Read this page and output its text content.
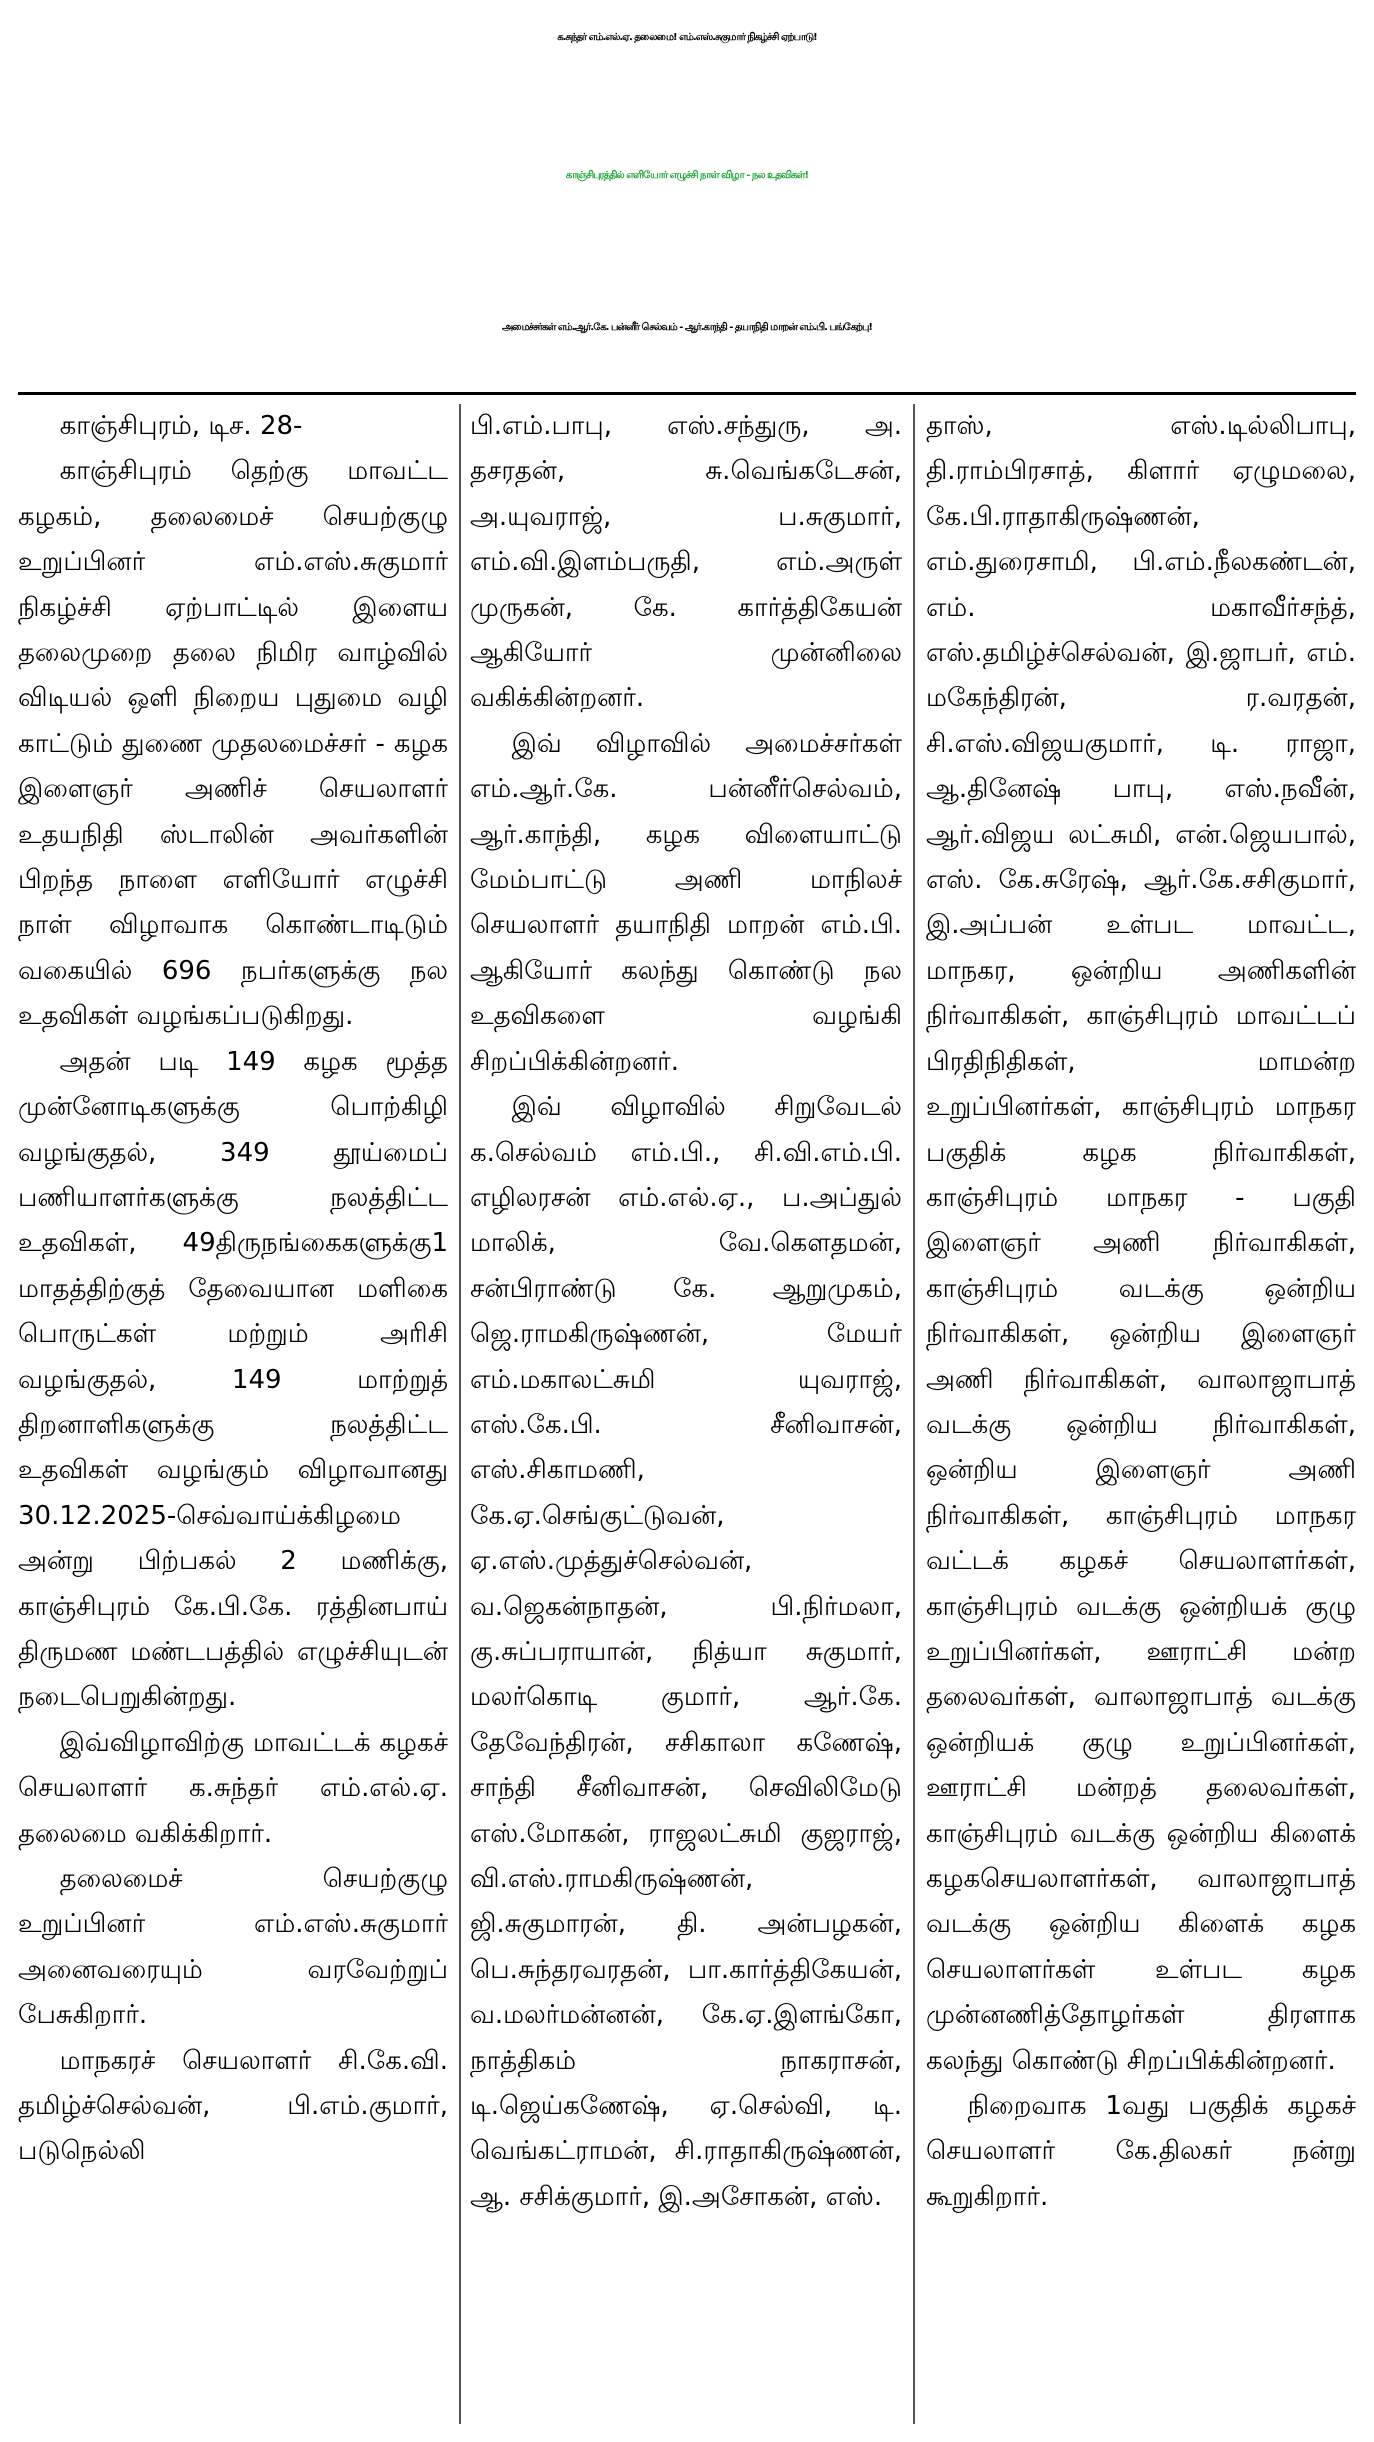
க.சுந்தர் எம்.எல்.ஏ. தலைமை! எம்.எஸ்.சுகுமார் நிகழ்ச்சி ஏற்பாடு!
காஞ்சிபுரத்தில் எளியோர் எழுச்சி நாள் விழா - நல உதவிகள்!
அமைச்சர்கள் எம்.ஆர்.கே. பன்னீர் செல்வம் - ஆர்.காந்தி - தயாநிதி மாறன் எம்.பி. பங்கேற்பு!

காஞ்சிபுரம், டிச. 28-

காஞ்சிபுரம் தெற்கு மாவட்ட கழகம், தலைமைச் செயற்குழு உறுப்பினர் எம்.எஸ்.சுகுமார் நிகழ்ச்சி ஏற்பாட்டில் இளைய தலைமுறை தலை நிமிர வாழ்வில் விடியல் ஒளி நிறைய புதுமை வழி காட்டும் துணை முதலமைச்சர் - கழக இளைஞர் அணிச் செயலாளர் உதயநிதி ஸ்டாலின் அவர்களின் பிறந்த நாளை எளியோர் எழுச்சி நாள் விழாவாக கொண்டாடிடும் வகையில் 696 நபர்களுக்கு நல உதவிகள் வழங்கப்படுகிறது.

அதன் படி 149 கழக மூத்த முன்னோடிகளுக்கு பொற்கிழி வழங்குதல், 349 தூய்மைப் பணியாளர்களுக்கு நலத்திட்ட உதவிகள், 49திருநங்கைகளுக்கு1 மாதத்திற்குத் தேவையான மளிகை பொருட்கள் மற்றும் அரிசி வழங்குதல், 149 மாற்றுத் திறனாளிகளுக்கு நலத்திட்ட உதவிகள் வழங்கும் விழாவானது 30.12.2025-செவ்வாய்க்கிழமை அன்று பிற்பகல் 2 மணிக்கு, காஞ்சிபுரம் கே.பி.கே. ரத்தினபாய் திருமண மண்டபத்தில் எழுச்சியுடன் நடைபெறுகின்றது.

இவ்விழாவிற்கு மாவட்டக் கழகச் செயலாளர் க.சுந்தர் எம்.எல்.ஏ. தலைமை வகிக்கிறார்.

தலைமைச் செயற்குழு உறுப்பினர் எம்.எஸ்.சுகுமார் அனைவரையும் வரவேற்றுப் பேசுகிறார்.

மாநகரச் செயலாளர் சி.கே.வி. தமிழ்ச்செல்வன், பி.எம்.குமார், படுநெல்லி

பி.எம்.பாபு, எஸ்.சந்துரு, அ. தசரதன், சு.வெங்கடேசன், அ.யுவராஜ், ப.சுகுமார், எம்.வி.இளம்பருதி, எம்.அருள் முருகன், கே. கார்த்திகேயன் ஆகியோர் முன்னிலை வகிக்கின்றனர்.

இவ் விழாவில் அமைச்சர்கள் எம்.ஆர்.கே. பன்னீர்செல்வம், ஆர்.காந்தி, கழக விளையாட்டு மேம்பாட்டு அணி மாநிலச் செயலாளர் தயாநிதி மாறன் எம்.பி. ஆகியோர் கலந்து கொண்டு நல உதவிகளை வழங்கி சிறப்பிக்கின்றனர்.

இவ் விழாவில் சிறுவேடல் க.செல்வம் எம்.பி., சி.வி.எம்.பி. எழிலரசன் எம்.எல்.ஏ., ப.அப்துல் மாலிக், வே.கௌதமன், சன்பிராண்டு கே. ஆறுமுகம், ஜெ.ராமகிருஷ்ணன், மேயர் எம்.மகாலட்சுமி யுவராஜ், எஸ்.கே.பி. சீனிவாசன், எஸ்.சிகாமணி, கே.ஏ.செங்குட்டுவன், ஏ.எஸ்.முத்துச்செல்வன், வ.ஜெகன்நாதன், பி.நிர்மலா, கு.சுப்பராயான், நித்யா சுகுமார், மலர்கொடி குமார், ஆர்.கே. தேவேந்திரன், சசிகாலா கணேஷ், சாந்தி சீனிவாசன், செவிலிமேடு எஸ்.மோகன், ராஜலட்சுமி குஜராஜ், வி.எஸ்.ராமகிருஷ்ணன், ஜி.சுகுமாரன், தி. அன்பழகன், பெ.சுந்தரவரதன், பா.கார்த்திகேயன், வ.மலர்மன்னன், கே.ஏ.இளங்கோ, நாத்திகம் நாகராசன், டி.ஜெய்கணேஷ், ஏ.செல்வி, டி. வெங்கட்ராமன், சி.ராதாகிருஷ்ணன், ஆ. சசிக்குமார், இ.அசோகன், எஸ்.

தாஸ், எஸ்.டில்லிபாபு, தி.ராம்பிரசாத், கிளார் ஏழுமலை, கே.பி.ராதாகிருஷ்ணன், எம்.துரைசாமி, பி.எம்.நீலகண்டன், எம். மகாவீர்சந்த், எஸ்.தமிழ்ச்செல்வன், இ.ஜாபர், எம். மகேந்திரன், ர.வரதன், சி.எஸ்.விஜயகுமார், டி. ராஜா, ஆ.தினேஷ் பாபு, எஸ்.நவீன், ஆர்.விஜய லட்சுமி, என்.ஜெயபால், எஸ். கே.சுரேஷ், ஆர்.கே.சசிகுமார், இ.அப்பன் உள்பட மாவட்ட, மாநகர, ஒன்றிய அணிகளின் நிர்வாகிகள், காஞ்சிபுரம் மாவட்டப் பிரதிநிதிகள், மாமன்ற உறுப்பினர்கள், காஞ்சிபுரம் மாநகர பகுதிக் கழக நிர்வாகிகள், காஞ்சிபுரம் மாநகர - பகுதி இளைஞர் அணி நிர்வாகிகள், காஞ்சிபுரம் வடக்கு ஒன்றிய நிர்வாகிகள், ஒன்றிய இளைஞர் அணி நிர்வாகிகள், வாலாஜாபாத் வடக்கு ஒன்றிய நிர்வாகிகள், ஒன்றிய இளைஞர் அணி நிர்வாகிகள், காஞ்சிபுரம் மாநகர வட்டக் கழகச் செயலாளர்கள், காஞ்சிபுரம் வடக்கு ஒன்றியக் குழு உறுப்பினர்கள், ஊராட்சி மன்ற தலைவர்கள், வாலாஜாபாத் வடக்கு ஒன்றியக் குழு உறுப்பினர்கள், ஊராட்சி மன்றத் தலைவர்கள், காஞ்சிபுரம் வடக்கு ஒன்றிய கிளைக் கழகசெயலாளர்கள், வாலாஜாபாத் வடக்கு ஒன்றிய கிளைக் கழக செயலாளர்கள் உள்பட கழக முன்னணித்தோழர்கள் திரளாக கலந்து கொண்டு சிறப்பிக்கின்றனர்.

நிறைவாக 1வது பகுதிக் கழகச் செயலாளர் கே.திலகர் நன்று கூறுகிறார்.
